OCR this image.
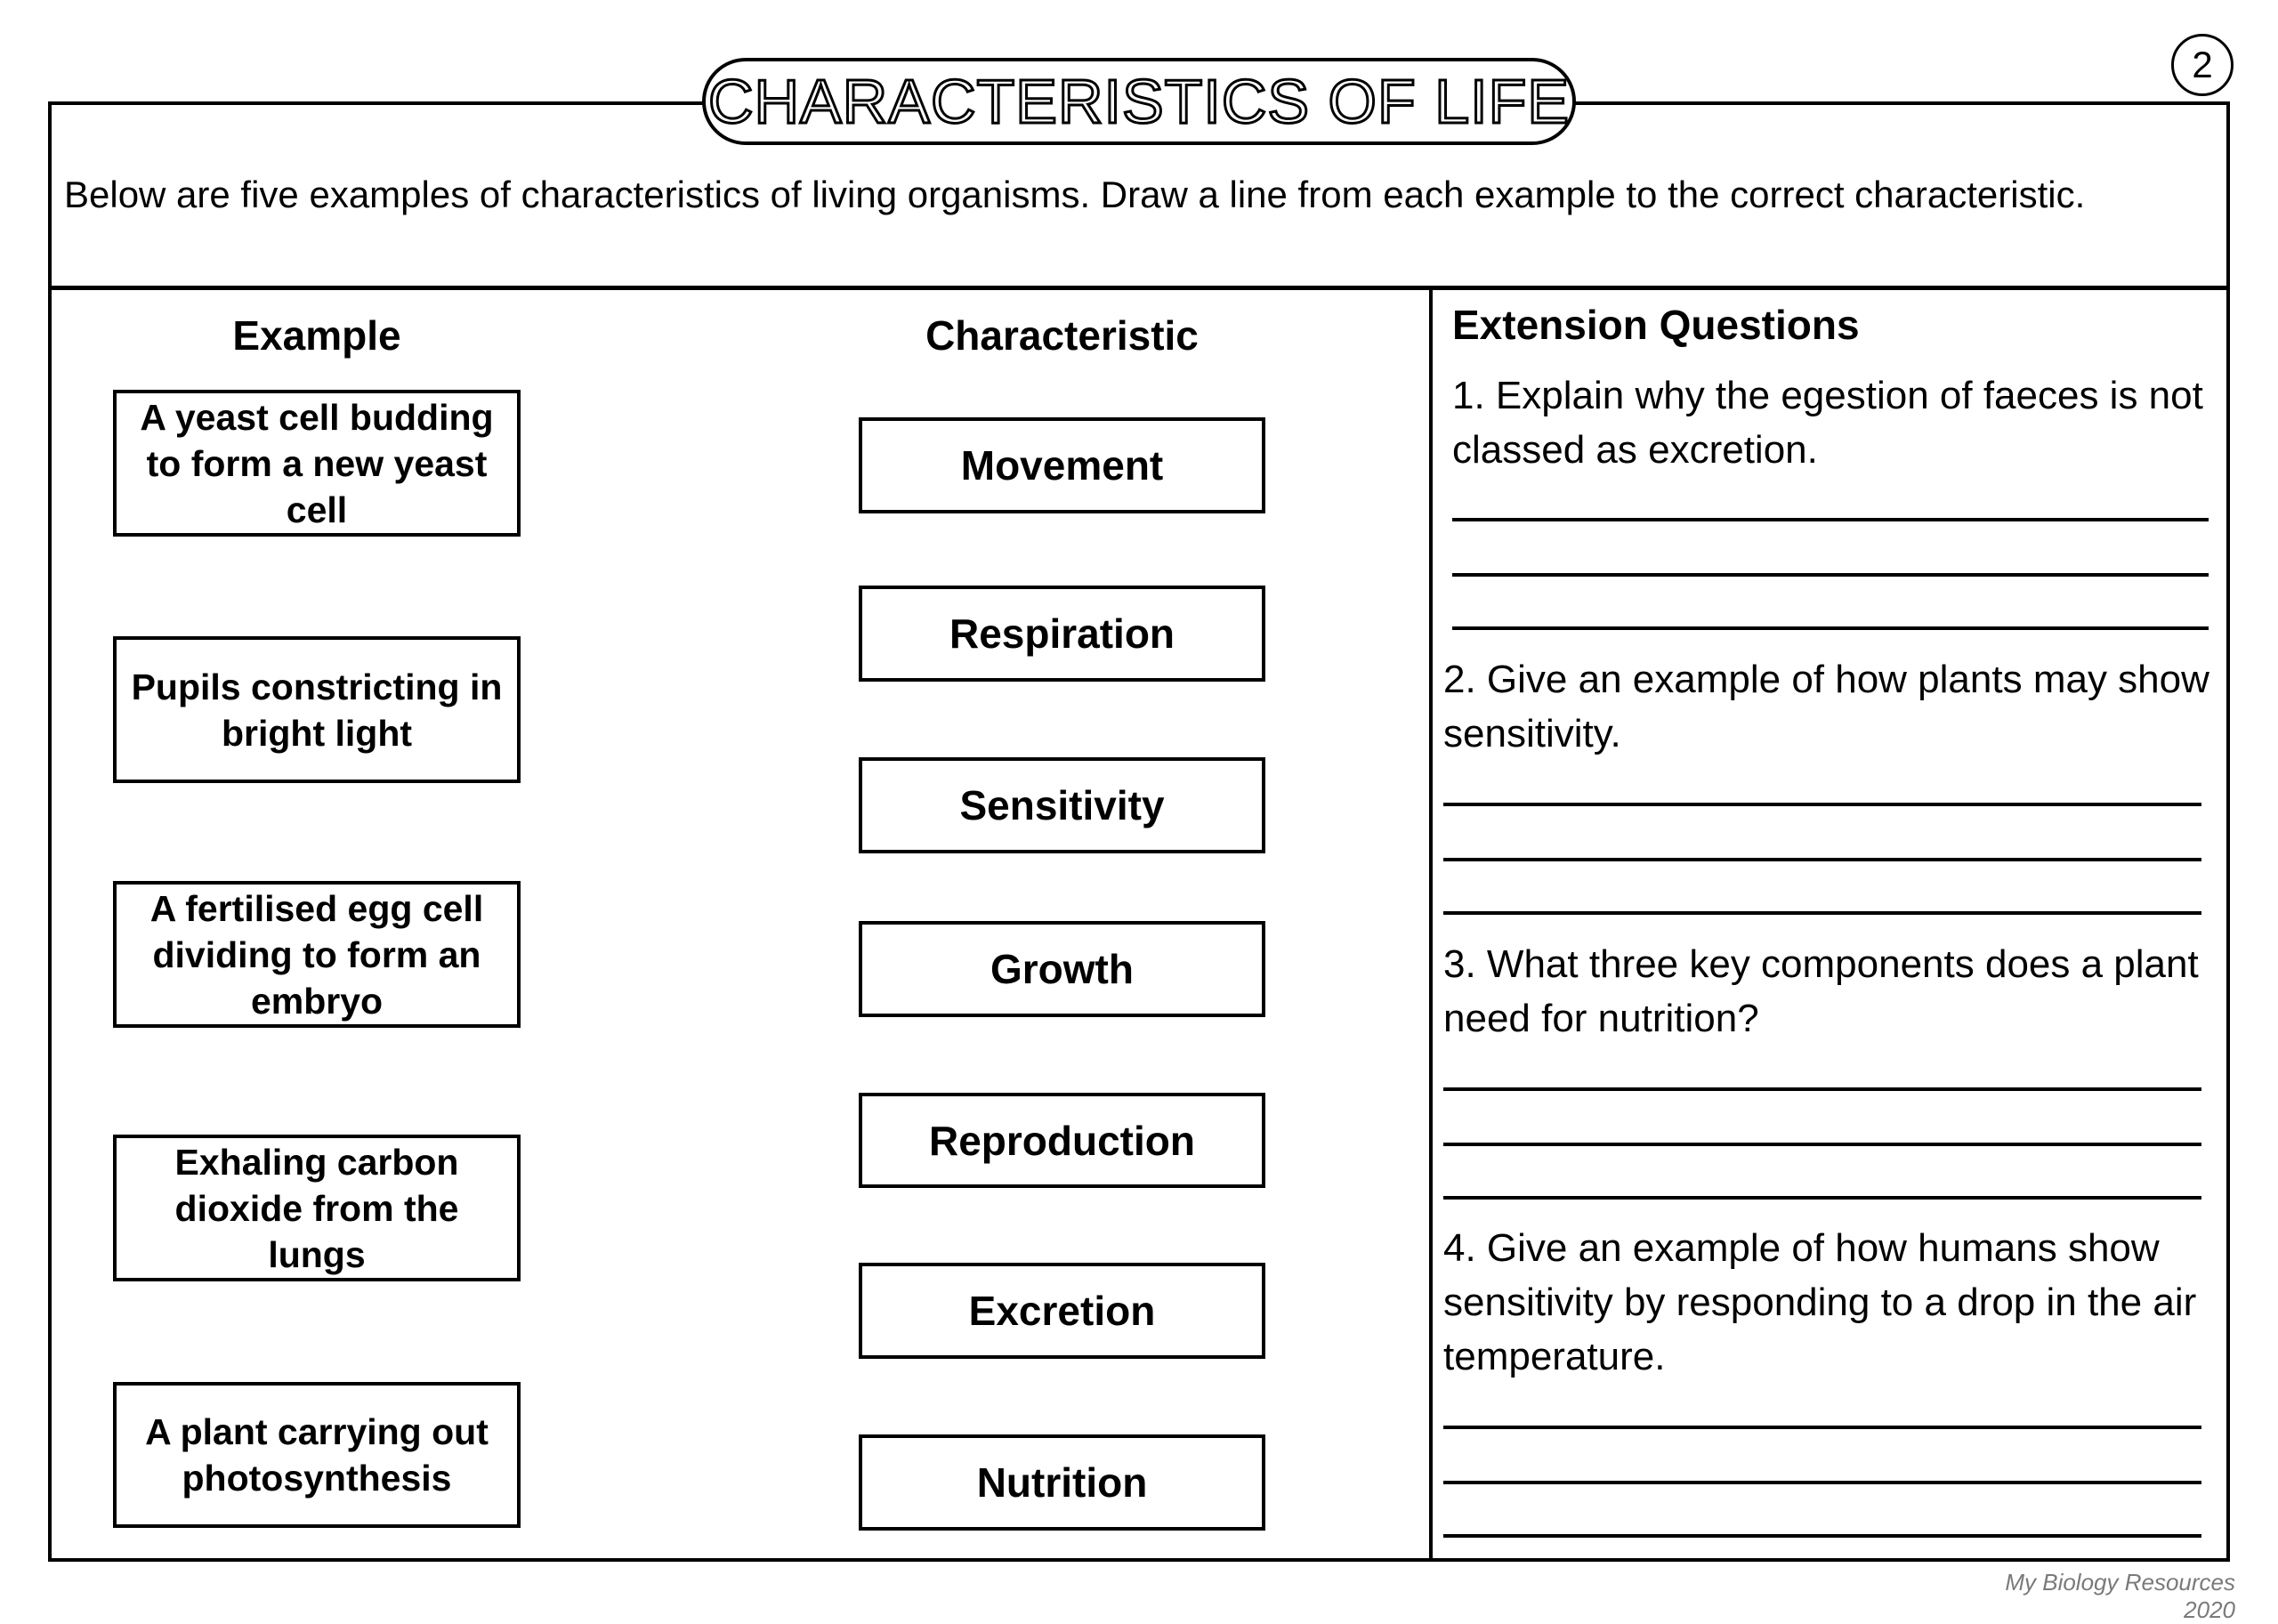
CHARACTERISTICS OF LIFE
2
Below are five examples of characteristics of living organisms. Draw a line from each example to the correct characteristic.
Example	Characteristic
A yeast cell budding to form a new yeast cell
Pupils constricting in bright light
A fertilised egg cell dividing to form an embryo
Exhaling carbon dioxide from the lungs
A plant carrying out photosynthesis
Movement
Respiration
Sensitivity
Growth
Reproduction
Excretion
Nutrition
Extension Questions
1. Explain why the egestion of faeces is not classed as excretion.
2. Give an example of how plants may show sensitivity.
3. What three key components does a plant need for nutrition?
4. Give an example of how humans show sensitivity by responding to a drop in the air temperature.
My Biology Resources 2020
